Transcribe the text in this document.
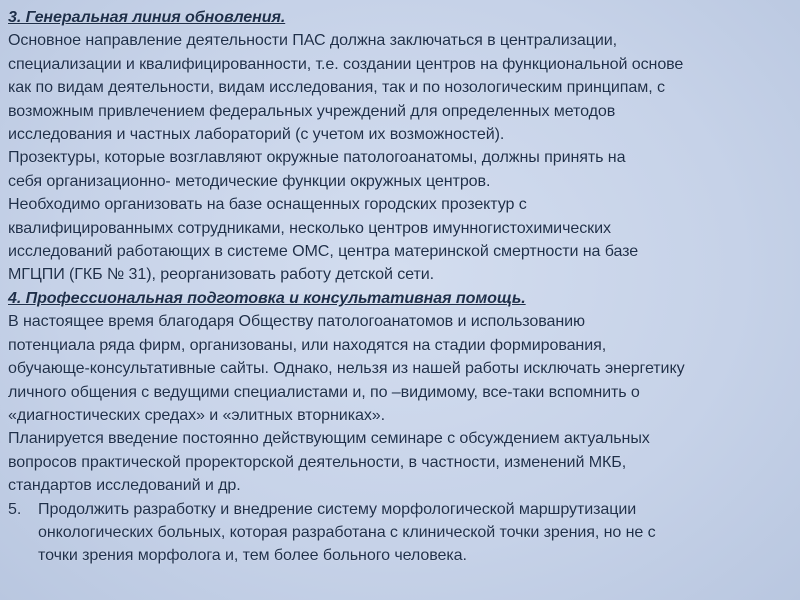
3. Генеральная линия обновления.
Основное направление деятельности ПАС должна заключаться в централизации,
специализации и квалифицированности, т.е. создании центров на функциональной основе
как по видам деятельности, видам исследования, так и по нозологическим принципам, с
возможным привлечением федеральных учреждений для определенных методов
исследования и частных лабораторий (с учетом их возможностей).
Прозектуры, которые возглавляют окружные патологоанатомы, должны принять на
себя организационно- методические функции окружных центров.
Необходимо организовать на базе оснащенных городских прозектур с
квалифицированнымх сотрудниками, несколько центров имунногистохимических
исследований работающих в системе ОМС, центра материнской смертности на базе
МГЦПИ (ГКБ № 31), реорганизовать работу детской сети.
4. Профессиональная подготовка и консультативная помощь.
В настоящее время благодаря Обществу патологоанатомов и использованию
потенциала ряда фирм, организованы, или находятся на стадии формирования,
обучающе-консультативные сайты. Однако, нельзя из нашей работы исключать энергетику
личного общения с ведущими специалистами и, по –видимому, все-таки вспомнить о
«диагностических средах» и «элитных вторниках».
Планируется введение постоянно действующим семинаре с обсуждением актуальных
вопросов практической проректорской деятельности, в частности, изменений МКБ,
стандартов исследований и др.
5. Продолжить разработку и внедрение систему морфологической маршрутизации
онкологических больных, которая разработана с клинической точки зрения, но не с
точки зрения морфолога и, тем более больного человека.
